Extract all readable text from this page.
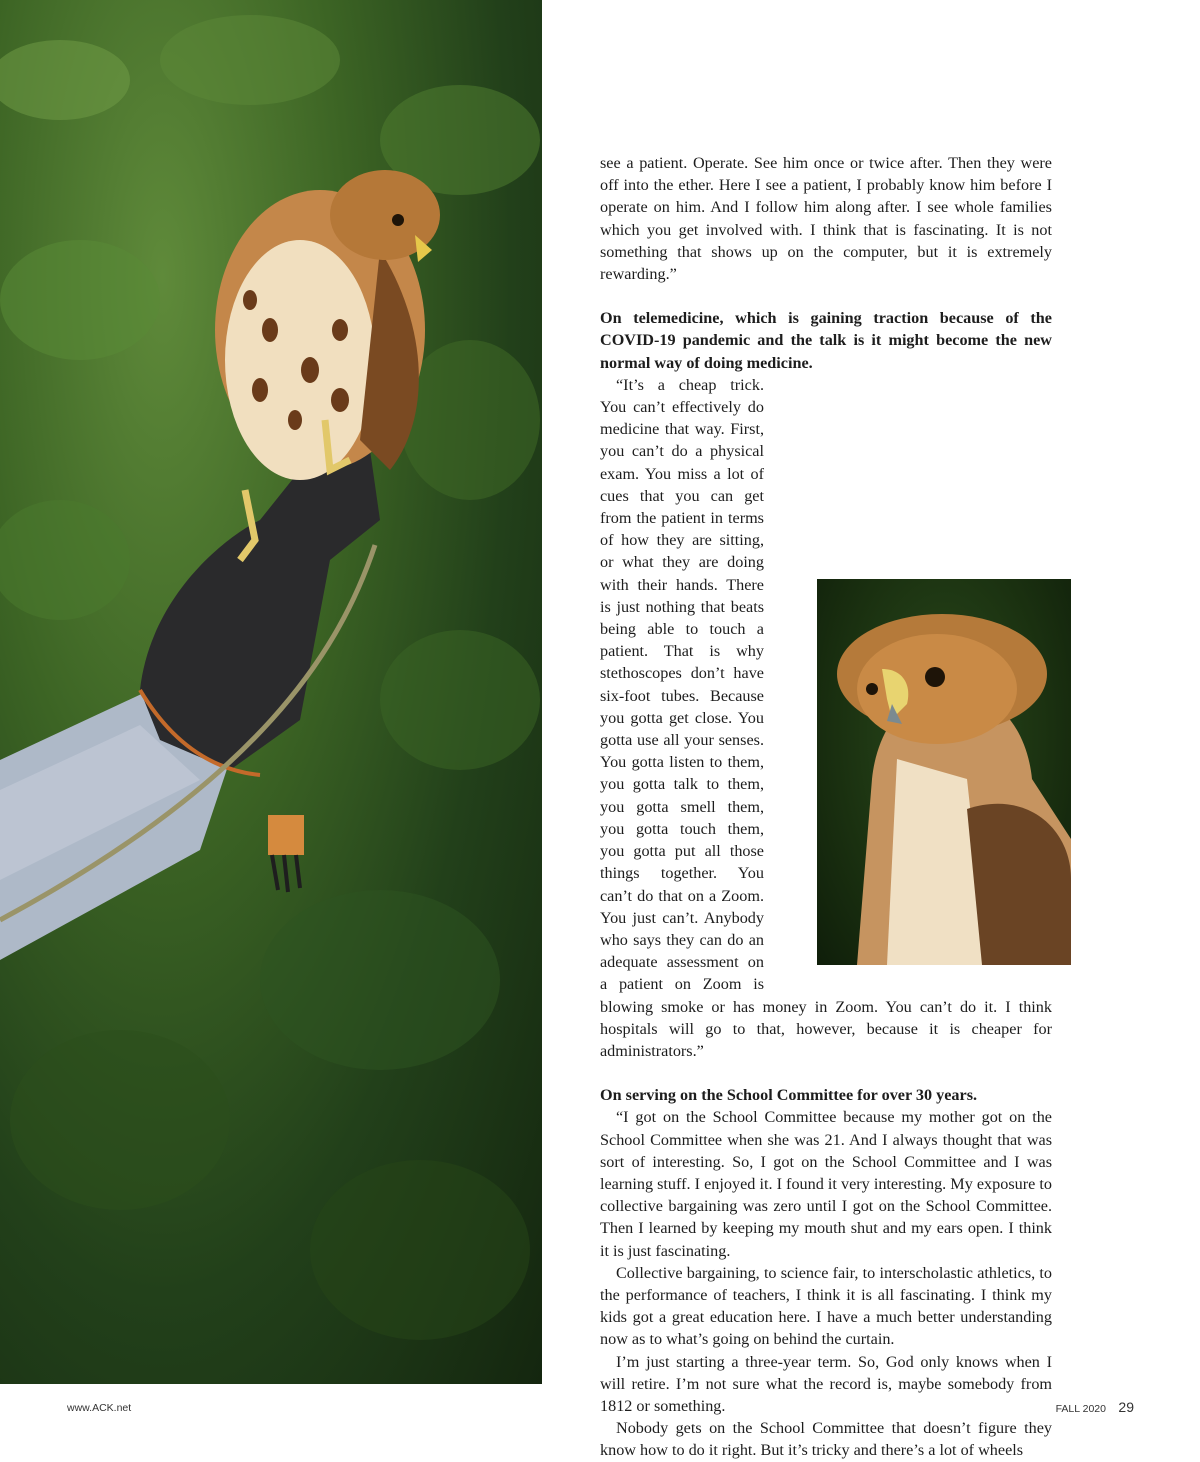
see a patient. Operate. See him once or twice after. Then they were off into the ether. Here I see a patient, I probably know him before I operate on him. And I follow him along after. I see whole families which you get involved with. I think that is fascinating. It is not something that shows up on the computer, but it is extremely rewarding.”

On telemedicine, which is gaining traction because of the COVID-19 pandemic and the talk is it might become the new normal way of doing medicine.

“It’s a cheap trick. You can’t effectively do medicine that way. First, you can’t do a physical exam. You miss a lot of cues that you can get from the patient in terms of how they are sitting, or what they are doing with their hands. There is just nothing that beats being able to touch a patient. That is why stethoscopes don’t have six-foot tubes. Because you gotta get close. You gotta use all your senses. You gotta listen to them, you gotta talk to them, you gotta smell them, you gotta touch them, you gotta put all those things together. You can’t do that on a Zoom. You just can’t. Anybody who says they can do an adequate assessment on a patient on Zoom is blowing smoke or has money in Zoom. You can’t do it. I think hospitals will go to that, however, because it is cheaper for administrators.”

On serving on the School Committee for over 30 years.

“I got on the School Committee because my mother got on the School Committee when she was 21. And I always thought that was sort of interesting. So, I got on the School Committee and I was learning stuff. I enjoyed it. I found it very interesting. My exposure to collective bargaining was zero until I got on the School Committee. Then I learned by keeping my mouth shut and my ears open. I think it is just fascinating.

Collective bargaining, to science fair, to interscholastic athletics, to the performance of teachers, I think it is all fascinating. I think my kids got a great education here. I have a much better understanding now as to what’s going on behind the curtain.

I’m just starting a three-year term. So, God only knows when I will retire. I’m not sure what the record is, maybe somebody from 1812 or something.

Nobody gets on the School Committee that doesn’t figure they know how to do it right. But it’s tricky and there’s a lot of wheels

www.ACK.net	FALL 2020 29
